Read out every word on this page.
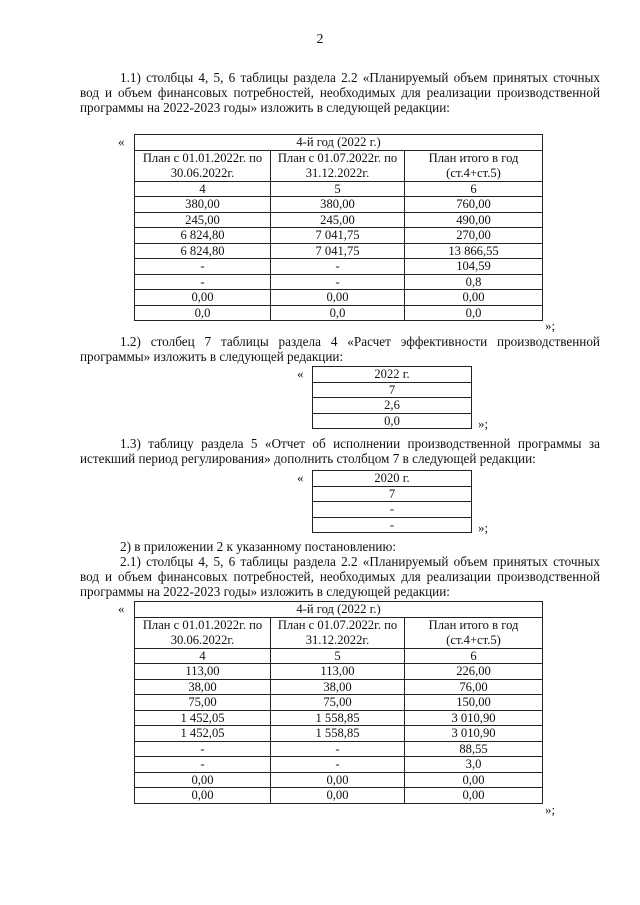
2
1.1) столбцы 4, 5, 6 таблицы раздела 2.2 «Планируемый объем принятых сточных вод и объем финансовых потребностей, необходимых для реализации производственной программы на 2022-2023 годы» изложить в следующей редакции:
«	4-й год (2022 г.)		
План с 01.01.2022г. по 30.06.2022г.	План с 01.07.2022г. по 31.12.2022г.	План итого в год (ст.4+ст.5)
4	5	6
380,00	380,00	760,00
245,00	245,00	490,00
6 824,80	7 041,75	270,00
6 824,80	7 041,75	13 866,55
-	-	104,59
-	-	0,8
0,00	0,00	0,00
0,0	0,0	0,0
»;
1.2) столбец 7 таблицы раздела 4 «Расчет эффективности производственной программы» изложить в следующей редакции:
«	2022 г.
7
2,6
0,0	»;
1.3) таблицу раздела 5 «Отчет об исполнении производственной программы за истекший период регулирования» дополнить столбцом 7 в следующей редакции:
«	2020 г.
7
-
-	»;
2) в приложении 2 к указанному постановлению:
2.1) столбцы 4, 5, 6 таблицы раздела 2.2 «Планируемый объем принятых сточных вод и объем финансовых потребностей, необходимых для реализации производственной программы на 2022-2023 годы» изложить в следующей редакции:
«	4-й год (2022 г.)		
План с 01.01.2022г. по 30.06.2022г.	План с 01.07.2022г. по 31.12.2022г.	План итого в год (ст.4+ст.5)
4	5	6
113,00	113,00	226,00
38,00	38,00	76,00
75,00	75,00	150,00
1 452,05	1 558,85	3 010,90
1 452,05	1 558,85	3 010,90
-	-	88,55
-	-	3,0
0,00	0,00	0,00
0,00	0,00	0,00
»;
